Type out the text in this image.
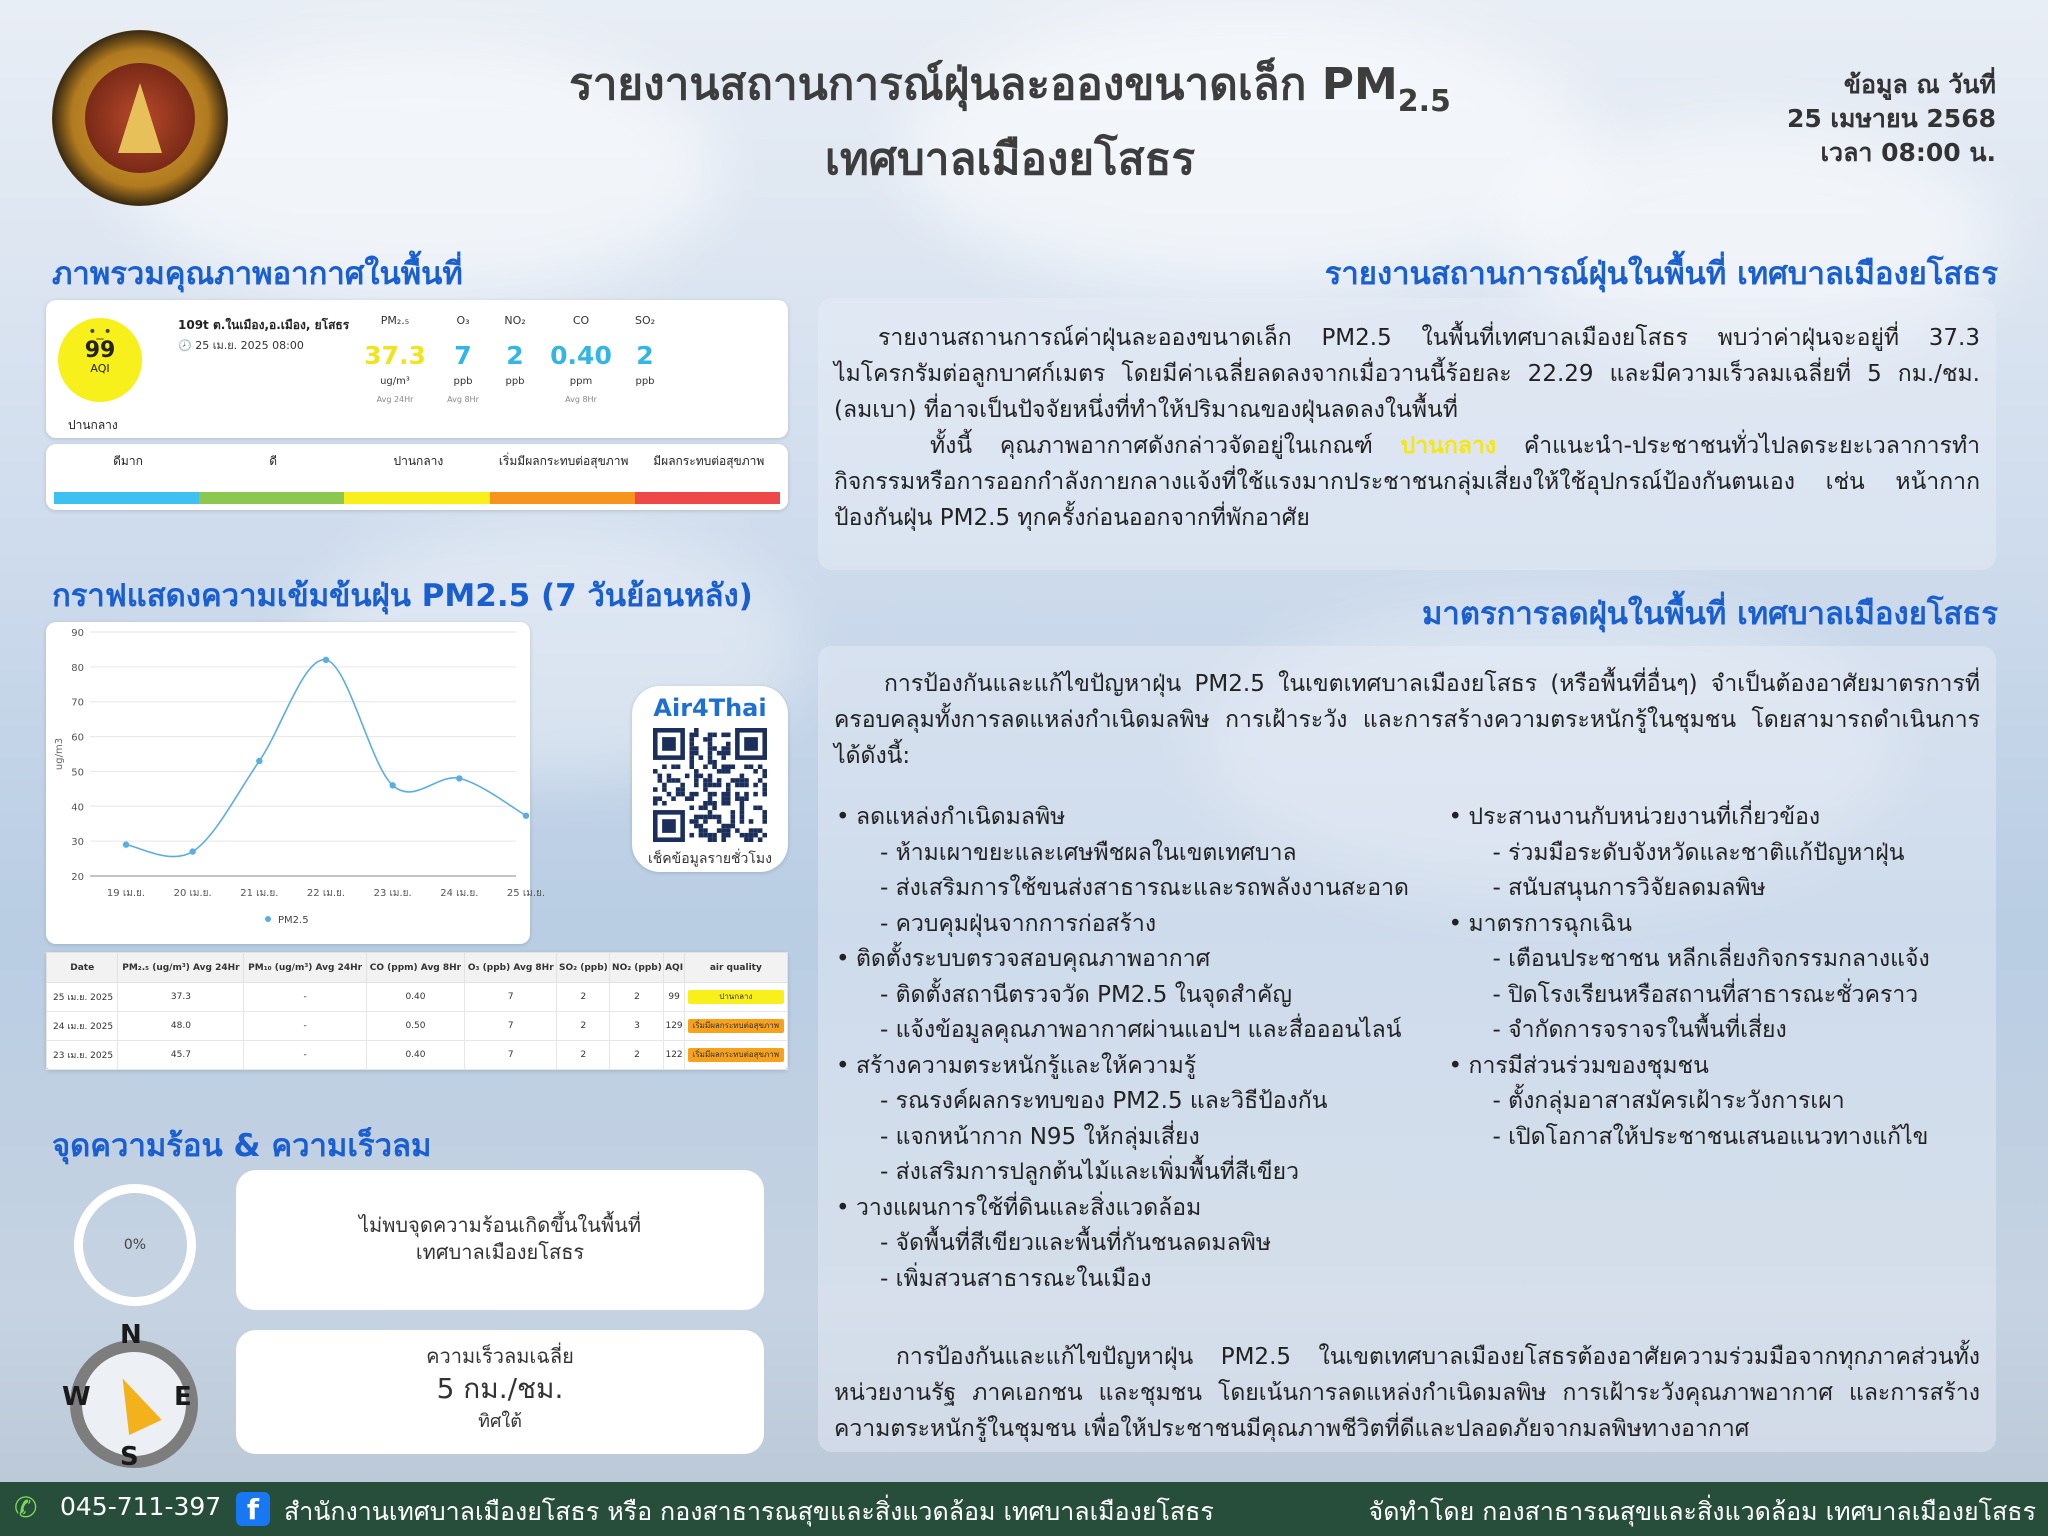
รายงานสถานการณ์ฝุ่นละอองขนาดเล็ก $PM_{2.5}$
เทศบาลเมืองยโสธร
ข้อมูล ณ วันที่
25 เมษายน 2568
เวลา 08:00 น.
ภาพรวมคุณภาพอากาศในพื้นที่
•_•
99
AQI
ปานกลาง
109t ต.ในเมือง,อ.เมือง, ยโสธร
🕗 25 เม.ย. 2025 08:00
PM₂.₅
37.3
ug/m³
Avg 24Hr
O₃
7
ppb
Avg 8Hr
NO₂
2
ppb

CO
0.40
ppm
Avg 8Hr
SO₂
2
ppb

ดีมาก	ดี	ปานกลาง	เริ่มมีผลกระทบต่อสุขภาพ	มีผลกระทบต่อสุขภาพ
กราฟแสดงความเข้มข้นฝุ่น PM2.5 (7 วันย้อนหลัง)
20
30
40
50
60
70
80
90
ug/m3
19 เม.ย.	20 เม.ย.	21 เม.ย.	22 เม.ย.	23 เม.ย.	24 เม.ย.	25 เม.ย.
PM2.5
Air4Thai
เช็คข้อมูลรายชั่วโมง
Date	PM₂.₅ (ug/m³) Avg 24Hr	PM₁₀ (ug/m³) Avg 24Hr	CO (ppm) Avg 8Hr	O₃ (ppb) Avg 8Hr	SO₂ (ppb)	NO₂ (ppb)	AQI	air quality
25 เม.ย. 2025	37.3	-	0.40	7	2	2	99	ปานกลาง
24 เม.ย. 2025	48.0	-	0.50	7	2	3	129	เริ่มมีผลกระทบต่อสุขภาพ
23 เม.ย. 2025	45.7	-	0.40	7	2	2	122	เริ่มมีผลกระทบต่อสุขภาพ
จุดความร้อน & ความเร็วลม
0%
ไม่พบจุดความร้อนเกิดขึ้นในพื้นที่
เทศบาลเมืองยโสธร
N
S
E
W
ความเร็วลมเฉลี่ย
5 กม./ชม.
ทิศใต้
รายงานสถานการณ์ฝุ่นในพื้นที่ เทศบาลเมืองยโสธร
รายงานสถานการณ์ค่าฝุ่นละอองขนาดเล็ก PM2.5 ในพื้นที่เทศบาลเมืองยโสธร พบว่าค่าฝุ่นจะอยู่ที่ 37.3 ไมโครกรัมต่อลูกบาศก์เมตร โดยมีค่าเฉลี่ยลดลงจากเมื่อวานนี้ร้อยละ 22.29 และมีความเร็วลมเฉลี่ยที่ 5 กม./ชม. (ลมเบา) ที่อาจเป็นปัจจัยหนึ่งที่ทำให้ปริมาณของฝุ่นลดลงในพื้นที่
ทั้งนี้ คุณภาพอากาศดังกล่าวจัดอยู่ในเกณฑ์ ปานกลาง คำแนะนำ-ประชาชนทั่วไปลดระยะเวลาการทำกิจกรรมหรือการออกกำลังกายกลางแจ้งที่ใช้แรงมากประชาชนกลุ่มเสี่ยงให้ใช้อุปกรณ์ป้องกันตนเอง เช่น หน้ากากป้องกันฝุ่น PM2.5 ทุกครั้งก่อนออกจากที่พักอาศัย
มาตรการลดฝุ่นในพื้นที่ เทศบาลเมืองยโสธร
การป้องกันและแก้ไขปัญหาฝุ่น PM2.5 ในเขตเทศบาลเมืองยโสธร (หรือพื้นที่อื่นๆ) จำเป็นต้องอาศัยมาตรการที่ครอบคลุมทั้งการลดแหล่งกำเนิดมลพิษ การเฝ้าระวัง และการสร้างความตระหนักรู้ในชุมชน โดยสามารถดำเนินการได้ดังนี้:
• ลดแหล่งกำเนิดมลพิษ
- ห้ามเผาขยะและเศษพืชผลในเขตเทศบาล
- ส่งเสริมการใช้ขนส่งสาธารณะและรถพลังงานสะอาด
- ควบคุมฝุ่นจากการก่อสร้าง
• ติดตั้งระบบตรวจสอบคุณภาพอากาศ
- ติดตั้งสถานีตรวจวัด PM2.5 ในจุดสำคัญ
- แจ้งข้อมูลคุณภาพอากาศผ่านแอปฯ และสื่อออนไลน์
• สร้างความตระหนักรู้และให้ความรู้
- รณรงค์ผลกระทบของ PM2.5 และวิธีป้องกัน
- แจกหน้ากาก N95 ให้กลุ่มเสี่ยง
- ส่งเสริมการปลูกต้นไม้และเพิ่มพื้นที่สีเขียว
• วางแผนการใช้ที่ดินและสิ่งแวดล้อม
- จัดพื้นที่สีเขียวและพื้นที่กันชนลดมลพิษ
- เพิ่มสวนสาธารณะในเมือง
• ประสานงานกับหน่วยงานที่เกี่ยวข้อง
- ร่วมมือระดับจังหวัดและชาติแก้ปัญหาฝุ่น
- สนับสนุนการวิจัยลดมลพิษ
• มาตรการฉุกเฉิน
- เตือนประชาชน หลีกเลี่ยงกิจกรรมกลางแจ้ง
- ปิดโรงเรียนหรือสถานที่สาธารณะชั่วคราว
- จำกัดการจราจรในพื้นที่เสี่ยง
• การมีส่วนร่วมของชุมชน
- ตั้งกลุ่มอาสาสมัครเฝ้าระวังการเผา
- เปิดโอกาสให้ประชาชนเสนอแนวทางแก้ไข
การป้องกันและแก้ไขปัญหาฝุ่น PM2.5 ในเขตเทศบาลเมืองยโสธรต้องอาศัยความร่วมมือจากทุกภาคส่วนทั้งหน่วยงานรัฐ ภาคเอกชน และชุมชน โดยเน้นการลดแหล่งกำเนิดมลพิษ การเฝ้าระวังคุณภาพอากาศ และการสร้างความตระหนักรู้ในชุมชน เพื่อให้ประชาชนมีคุณภาพชีวิตที่ดีและปลอดภัยจากมลพิษทางอากาศ
✆ 045-711-397 f สำนักงานเทศบาลเมืองยโสธร หรือ กองสาธารณสุขและสิ่งแวดล้อม เทศบาลเมืองยโสธร	จัดทำโดย กองสาธารณสุขและสิ่งแวดล้อม เทศบาลเมืองยโสธร
